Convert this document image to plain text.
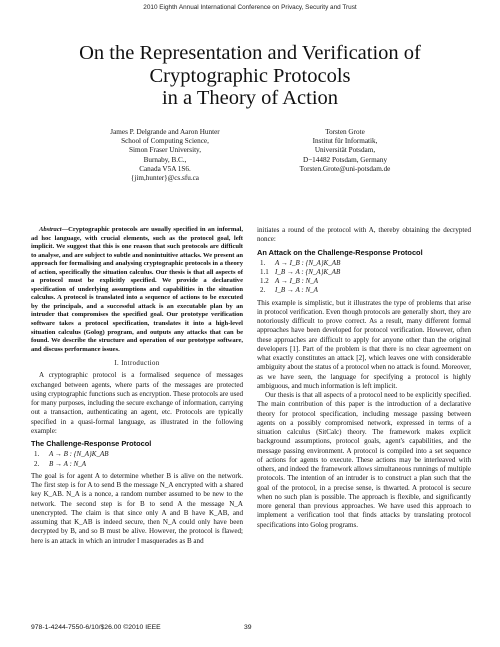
2010 Eighth Annual International Conference on Privacy, Security and Trust
On the Representation and Verification of
Cryptographic Protocols
in a Theory of Action
James P. Delgrande and Aaron Hunter
School of Computing Science,
Simon Fraser University,
Burnaby, B.C.,
Canada V5A 1S6.
{jim,hunter}@cs.sfu.ca
Torsten Grote
Institut für Informatik,
Universität Potsdam,
D−14482 Potsdam, Germany
Torsten.Grote@uni-potsdam.de

Abstract—Cryptographic protocols are usually specified in an informal, ad hoc language, with crucial elements, such as the protocol goal, left implicit. We suggest that this is one reason that such protocols are difficult to analyse, and are subject to subtle and nonintuitive attacks. We present an approach for formalising and analysing cryptographic protocols in a theory of action, specifically the situation calculus. Our thesis is that all aspects of a protocol must be explicitly specified. We provide a declarative specification of underlying assumptions and capabilities in the situation calculus. A protocol is translated into a sequence of actions to be executed by the principals, and a successful attack is an executable plan by an intruder that compromises the specified goal. Our prototype verification software takes a protocol specification, translates it into a high-level situation calculus (Golog) program, and outputs any attacks that can be found. We describe the structure and operation of our prototype software, and discuss performance issues.

I. Introduction

A cryptographic protocol is a formalised sequence of messages exchanged between agents, where parts of the messages are protected using cryptographic functions such as encryption. These protocols are used for many purposes, including the secure exchange of information, carrying out a transaction, authenticating an agent, etc. Protocols are typically specified in a quasi-formal language, as illustrated in the following example:

The Challenge-Response Protocol
1.	A → B : {N_A}K_AB
2.	B → A : N_A

The goal is for agent A to determine whether B is alive on the network. The first step is for A to send B the message N_A encrypted with a shared key K_AB. N_A is a nonce, a random number assumed to be new to the network. The second step is for B to send A the message N_A unencrypted. The claim is that since only A and B have K_AB, and assuming that K_AB is indeed secure, then N_A could only have been decrypted by B, and so B must be alive. However, the protocol is flawed; here is an attack in which an intruder I masquerades as B and

initiates a round of the protocol with A, thereby obtaining the decrypted nonce:

An Attack on the Challenge-Response Protocol
1.	A → I_B : {N_A}K_AB
1.1 I_B → A : {N_A}K_AB
1.2 A → I_B : N_A
2.	I_B → A : N_A

This example is simplistic, but it illustrates the type of problems that arise in protocol verification. Even though protocols are generally short, they are notoriously difficult to prove correct. As a result, many different formal approaches have been developed for protocol verification. However, often these approaches are difficult to apply for anyone other than the original developers [1]. Part of the problem is that there is no clear agreement on what exactly constitutes an attack [2], which leaves one with considerable ambiguity about the status of a protocol when no attack is found. Moreover, as we have seen, the language for specifying a protocol is highly ambiguous, and much information is left implicit.

Our thesis is that all aspects of a protocol need to be explicitly specified. The main contribution of this paper is the introduction of a declarative theory for protocol specification, including message passing between agents on a possibly compromised network, expressed in terms of a situation calculus (SitCalc) theory. The framework makes explicit background assumptions, protocol goals, agent's capabilities, and the message passing environment. A protocol is compiled into a set sequence of actions for agents to execute. These actions may be interleaved with others, and indeed the framework allows simultaneous runnings of multiple protocols. The intention of an intruder is to construct a plan such that the goal of the protocol, in a precise sense, is thwarted. A protocol is secure when no such plan is possible. The approach is flexible, and significantly more general than previous approaches. We have used this approach to implement a verification tool that finds attacks by translating protocol specifications into Golog programs.

978-1-4244-7550-6/10/$26.00 ©2010 IEEE	39
